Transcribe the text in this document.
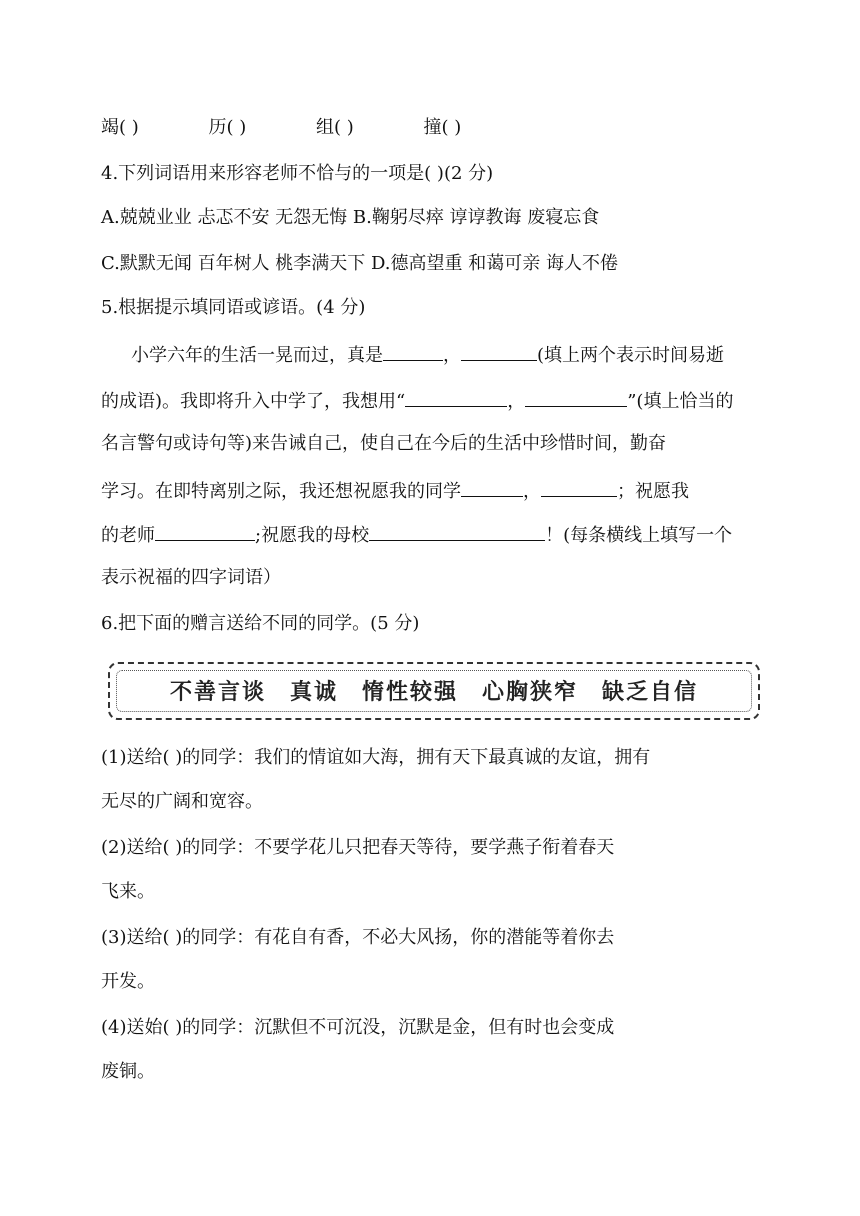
竭( )	历( )	组( )	撞( )
4.下列词语用来形容老师不恰与的一项是( )(2 分)
A.兢兢业业 忐忑不安 无怨无悔 B.鞠躬尽瘁 谆谆教诲 废寝忘食
C.默默无闻 百年树人 桃李满天下 D.德高望重 和蔼可亲 诲人不倦
5.根据提示填同语或谚语。(4 分)
小学六年的生活一晃而过，真是	，	(填上两个表示时间易逝
的成语)。我即将升入中学了，我想用“	，	”(填上恰当的
名言警句或诗句等)来告诫自己，使自己在今后的生活中珍惜时间，勤奋
学习。在即特离别之际，我还想祝愿我的同学	，	；祝愿我
的老师	;祝愿我的母校	！(每条横线上填写一个
表示祝福的四字词语）
6.把下面的赠言送给不同的同学。(5 分)
不善言谈 真诚 惰性较强 心胸狭窄 缺乏自信
(1)送给( )的同学：我们的情谊如大海，拥有天下最真诚的友谊，拥有
无尽的广阔和宽容。
(2)送给( )的同学：不要学花儿只把春天等待，要学燕子衔着春天
飞来。
(3)送给( )的同学：有花自有香，不必大风扬，你的潜能等着你去
开发。
(4)送始( )的同学：沉默但不可沉没，沉默是金，但有时也会变成
废铜。
